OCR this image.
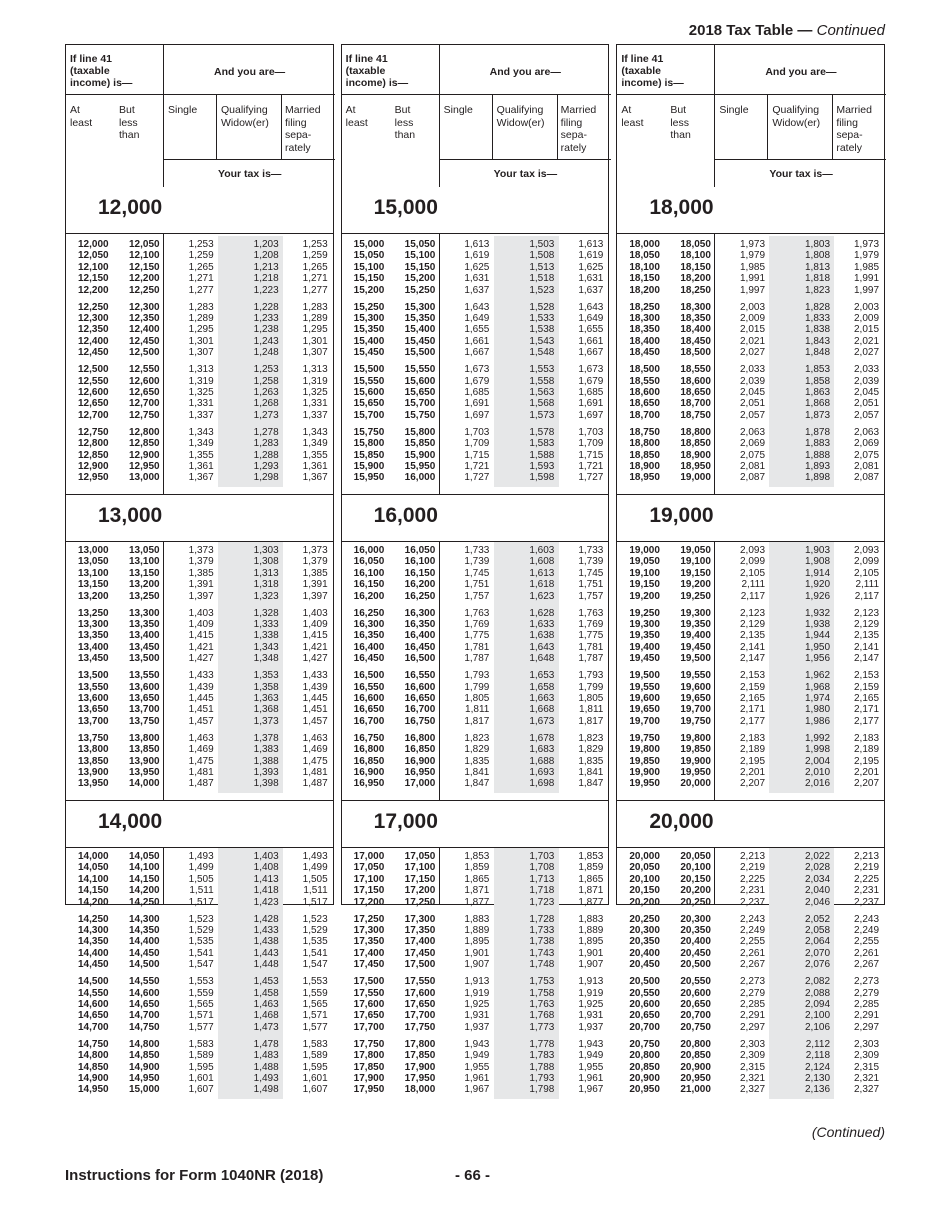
2018 Tax Table — Continued
If line 41
(taxable
income) is—
And you are—
At
least
But
less
than
Single Qualifying
Widow(er)
Married
filing
sepa-
rately
Your tax is—
12,000
12,000 12,050	1,253	1,203 1,253
12,050 12,100	1,259	1,208 1,259
12,100 12,150	1,265	1,213 1,265
12,150 12,200	1,271	1,218 1,271
12,200 12,250	1,277	1,223 1,277
12,250 12,300	1,283	1,228 1,283
12,300 12,350	1,289	1,233 1,289
12,350 12,400	1,295	1,238 1,295
12,400 12,450	1,301	1,243 1,301
12,450 12,500	1,307	1,248 1,307
12,500 12,550	1,313	1,253 1,313
12,550 12,600	1,319	1,258 1,319
12,600 12,650	1,325	1,263 1,325
12,650 12,700	1,331	1,268 1,331
12,700 12,750	1,337	1,273 1,337
12,750 12,800	1,343	1,278 1,343
12,800 12,850	1,349	1,283 1,349
12,850 12,900	1,355	1,288 1,355
12,900 12,950	1,361	1,293 1,361
12,950 13,000	1,367	1,298 1,367
13,000
13,000 13,050	1,373	1,303 1,373
13,050 13,100	1,379	1,308 1,379
13,100 13,150	1,385	1,313 1,385
13,150 13,200	1,391	1,318 1,391
13,200 13,250	1,397	1,323 1,397
13,250 13,300	1,403	1,328 1,403
13,300 13,350	1,409	1,333 1,409
13,350 13,400	1,415	1,338 1,415
13,400 13,450	1,421	1,343 1,421
13,450 13,500	1,427	1,348 1,427
13,500 13,550	1,433	1,353 1,433
13,550 13,600	1,439	1,358 1,439
13,600 13,650	1,445	1,363 1,445
13,650 13,700	1,451	1,368 1,451
13,700 13,750	1,457	1,373 1,457
13,750 13,800	1,463	1,378 1,463
13,800 13,850	1,469	1,383 1,469
13,850 13,900	1,475	1,388 1,475
13,900 13,950	1,481	1,393 1,481
13,950 14,000	1,487	1,398 1,487
14,000
14,000 14,050	1,493	1,403 1,493
14,050 14,100	1,499	1,408 1,499
14,100 14,150	1,505	1,413 1,505
14,150 14,200	1,511	1,418 1,511
14,200 14,250	1,517	1,423 1,517
14,250 14,300	1,523	1,428 1,523
14,300 14,350	1,529	1,433 1,529
14,350 14,400	1,535	1,438 1,535
14,400 14,450	1,541	1,443 1,541
14,450 14,500	1,547	1,448 1,547
14,500 14,550	1,553	1,453 1,553
14,550 14,600	1,559	1,458 1,559
14,600 14,650	1,565	1,463 1,565
14,650 14,700	1,571	1,468 1,571
14,700 14,750	1,577	1,473 1,577
14,750 14,800	1,583	1,478 1,583
14,800 14,850	1,589	1,483 1,589
14,850 14,900	1,595	1,488 1,595
14,900 14,950	1,601	1,493 1,601
14,950 15,000	1,607	1,498 1,607
If line 41
(taxable
income) is—
And you are—
At
least
But
less
than
Single Qualifying
Widow(er)
Married
filing
sepa-
rately
Your tax is—
15,000
15,000 15,050	1,613	1,503 1,613
15,050 15,100	1,619	1,508 1,619
15,100 15,150	1,625	1,513 1,625
15,150 15,200	1,631	1,518 1,631
15,200 15,250	1,637	1,523 1,637
15,250 15,300	1,643	1,528 1,643
15,300 15,350	1,649	1,533 1,649
15,350 15,400	1,655	1,538 1,655
15,400 15,450	1,661	1,543 1,661
15,450 15,500	1,667	1,548 1,667
15,500 15,550	1,673	1,553 1,673
15,550 15,600	1,679	1,558 1,679
15,600 15,650	1,685	1,563 1,685
15,650 15,700	1,691	1,568 1,691
15,700 15,750	1,697	1,573 1,697
15,750 15,800	1,703	1,578 1,703
15,800 15,850	1,709	1,583 1,709
15,850 15,900	1,715	1,588 1,715
15,900 15,950	1,721	1,593 1,721
15,950 16,000	1,727	1,598 1,727
16,000
16,000 16,050	1,733	1,603 1,733
16,050 16,100	1,739	1,608 1,739
16,100 16,150	1,745	1,613 1,745
16,150 16,200	1,751	1,618 1,751
16,200 16,250	1,757	1,623 1,757
16,250 16,300	1,763	1,628 1,763
16,300 16,350	1,769	1,633 1,769
16,350 16,400	1,775	1,638 1,775
16,400 16,450	1,781	1,643 1,781
16,450 16,500	1,787	1,648 1,787
16,500 16,550	1,793	1,653 1,793
16,550 16,600	1,799	1,658 1,799
16,600 16,650	1,805	1,663 1,805
16,650 16,700	1,811	1,668 1,811
16,700 16,750	1,817	1,673 1,817
16,750 16,800	1,823	1,678 1,823
16,800 16,850	1,829	1,683 1,829
16,850 16,900	1,835	1,688 1,835
16,900 16,950	1,841	1,693 1,841
16,950 17,000	1,847	1,698 1,847
17,000
17,000 17,050	1,853	1,703 1,853
17,050 17,100	1,859	1,708 1,859
17,100 17,150	1,865	1,713 1,865
17,150 17,200	1,871	1,718 1,871
17,200 17,250	1,877	1,723 1,877
17,250 17,300	1,883	1,728 1,883
17,300 17,350	1,889	1,733 1,889
17,350 17,400	1,895	1,738 1,895
17,400 17,450	1,901	1,743 1,901
17,450 17,500	1,907	1,748 1,907
17,500 17,550	1,913	1,753 1,913
17,550 17,600	1,919	1,758 1,919
17,600 17,650	1,925	1,763 1,925
17,650 17,700	1,931	1,768 1,931
17,700 17,750	1,937	1,773 1,937
17,750 17,800	1,943	1,778 1,943
17,800 17,850	1,949	1,783 1,949
17,850 17,900	1,955	1,788 1,955
17,900 17,950	1,961	1,793 1,961
17,950 18,000	1,967	1,798 1,967
If line 41
(taxable
income) is—
And you are—
At
least
But
less
than
Single Qualifying
Widow(er)
Married
filing
sepa-
rately
Your tax is—
18,000
18,000 18,050	1,973	1,803 1,973
18,050 18,100	1,979	1,808 1,979
18,100 18,150	1,985	1,813 1,985
18,150 18,200	1,991	1,818 1,991
18,200 18,250	1,997	1,823 1,997
18,250 18,300	2,003	1,828 2,003
18,300 18,350	2,009	1,833 2,009
18,350 18,400	2,015	1,838 2,015
18,400 18,450	2,021	1,843 2,021
18,450 18,500	2,027	1,848 2,027
18,500 18,550	2,033	1,853 2,033
18,550 18,600	2,039	1,858 2,039
18,600 18,650	2,045	1,863 2,045
18,650 18,700	2,051	1,868 2,051
18,700 18,750	2,057	1,873 2,057
18,750 18,800	2,063	1,878 2,063
18,800 18,850	2,069	1,883 2,069
18,850 18,900	2,075	1,888 2,075
18,900 18,950	2,081	1,893 2,081
18,950 19,000	2,087	1,898 2,087
19,000
19,000 19,050	2,093	1,903 2,093
19,050 19,100	2,099	1,908 2,099
19,100 19,150	2,105	1,914 2,105
19,150 19,200	2,111	1,920	2,111
19,200 19,250	2,117	1,926 2,117
19,250 19,300	2,123	1,932 2,123
19,300 19,350	2,129	1,938 2,129
19,350 19,400	2,135	1,944 2,135
19,400 19,450	2,141	1,950 2,141
19,450 19,500	2,147	1,956 2,147
19,500 19,550	2,153	1,962 2,153
19,550 19,600	2,159	1,968 2,159
19,600 19,650	2,165	1,974 2,165
19,650 19,700	2,171	1,980 2,171
19,700 19,750	2,177	1,986 2,177
19,750 19,800	2,183	1,992 2,183
19,800 19,850	2,189	1,998 2,189
19,850 19,900	2,195	2,004 2,195
19,900 19,950	2,201	2,010 2,201
19,950 20,000	2,207	2,016 2,207
20,000
20,000 20,050	2,213	2,022 2,213
20,050 20,100	2,219	2,028 2,219
20,100 20,150	2,225	2,034 2,225
20,150 20,200	2,231	2,040 2,231
20,200 20,250	2,237	2,046 2,237
20,250 20,300	2,243	2,052 2,243
20,300 20,350	2,249	2,058 2,249
20,350 20,400	2,255	2,064 2,255
20,400 20,450	2,261	2,070 2,261
20,450 20,500	2,267	2,076 2,267
20,500 20,550	2,273	2,082 2,273
20,550 20,600	2,279	2,088 2,279
20,600 20,650	2,285	2,094 2,285
20,650 20,700	2,291	2,100 2,291
20,700 20,750	2,297	2,106 2,297
20,750 20,800	2,303	2,112 2,303
20,800 20,850	2,309	2,118 2,309
20,850 20,900	2,315	2,124 2,315
20,900 20,950	2,321	2,130 2,321
20,950 21,000	2,327	2,136 2,327
(Continued)
Instructions for Form 1040NR (2018)	- 66 -
